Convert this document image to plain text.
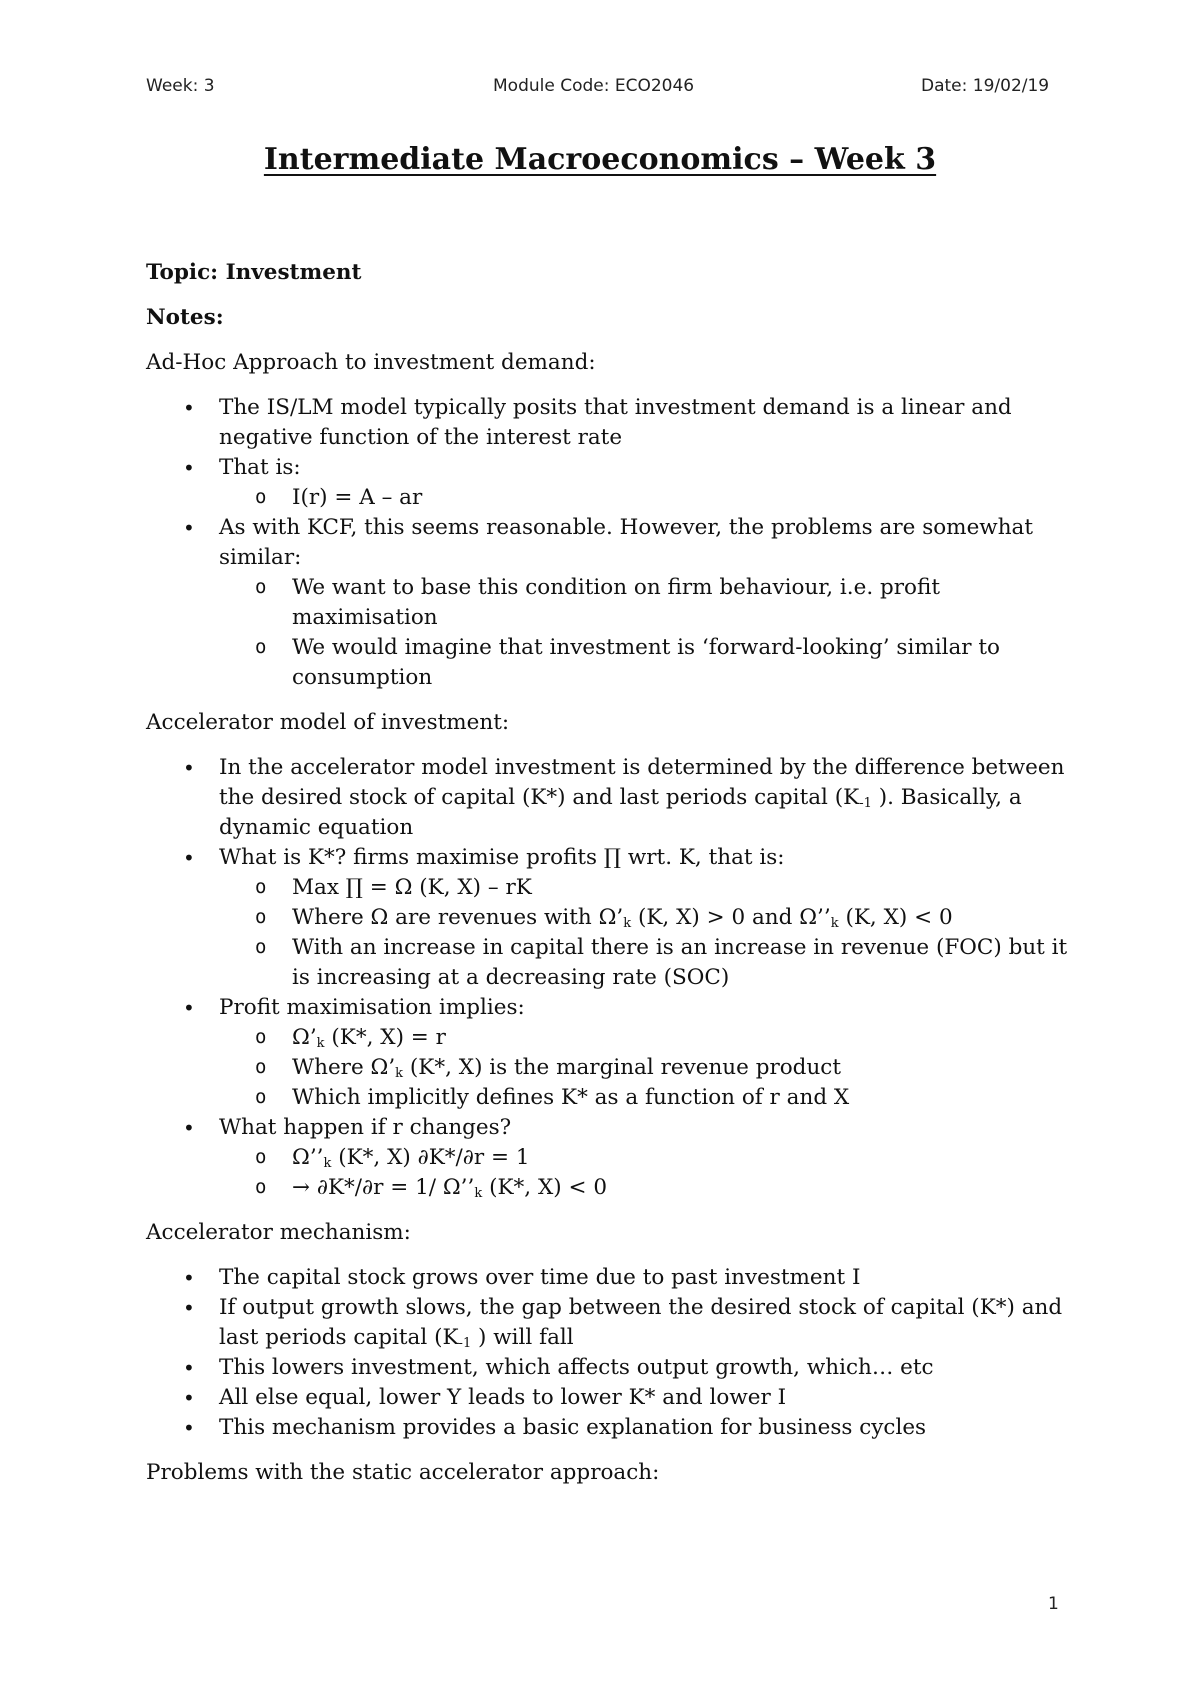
Week: 3	Module Code: ECO2046	Date: 19/02/19
Intermediate Macroeconomics – Week 3

Topic: Investment

Notes:

Ad-Hoc Approach to investment demand:

• The IS/LM model typically posits that investment demand is a linear and negative function of the interest rate
• That is:
o I(r) = A – ar
• As with KCF, this seems reasonable. However, the problems are somewhat similar:
o We want to base this condition on firm behaviour, i.e. profit maximisation
o We would imagine that investment is ‘forward-looking’ similar to consumption

Accelerator model of investment:

• In the accelerator model investment is determined by the difference between the desired stock of capital (K*) and last periods capital ($K_{-1}$ ). Basically, a dynamic equation
• What is K*? firms maximise profits ∏ wrt. K, that is:
o Max ∏ = Ω (K, X) – rK
o Where Ω are revenues with $\Omega’_k$ (K, X) > 0 and $\Omega’’_k$ (K, X) < 0
o With an increase in capital there is an increase in revenue (FOC) but it is increasing at a decreasing rate (SOC)
• Profit maximisation implies:
o $\Omega’_k$ (K*, X) = r
o Where $\Omega’_k$ (K*, X) is the marginal revenue product
o Which implicitly defines K* as a function of r and X
• What happen if r changes?
o $\Omega’’_k$ (K*, X) ∂K*/∂r = 1
o → ∂K*/∂r = 1/ $\Omega’’_k$ (K*, X) < 0

Accelerator mechanism:

• The capital stock grows over time due to past investment I
• If output growth slows, the gap between the desired stock of capital (K*) and last periods capital ($K_{-1}$ ) will fall
• This lowers investment, which affects output growth, which… etc
• All else equal, lower Y leads to lower K* and lower I
• This mechanism provides a basic explanation for business cycles

Problems with the static accelerator approach:

1
